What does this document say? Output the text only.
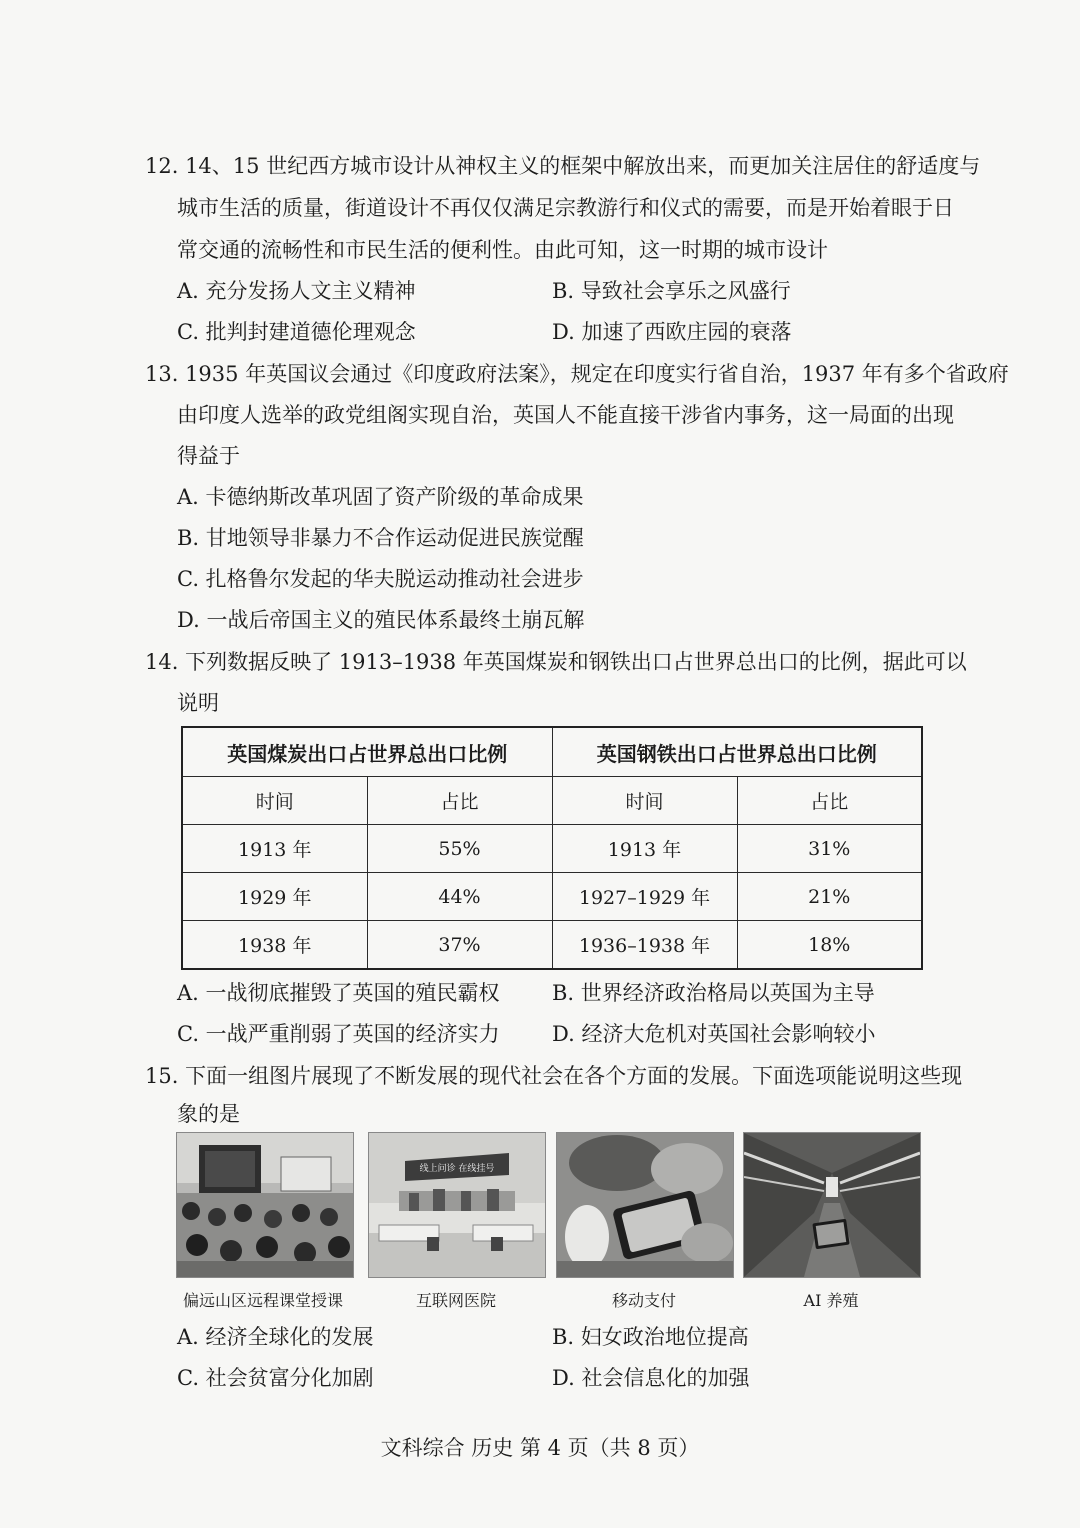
12. 14、15 世纪西方城市设计从神权主义的框架中解放出来，而更加关注居住的舒适度与
城市生活的质量，街道设计不再仅仅满足宗教游行和仪式的需要，而是开始着眼于日
常交通的流畅性和市民生活的便利性。由此可知，这一时期的城市设计
A. 充分发扬人文主义精神	B. 导致社会享乐之风盛行
C. 批判封建道德伦理观念	D. 加速了西欧庄园的衰落
13. 1935 年英国议会通过《印度政府法案》，规定在印度实行省自治，1937 年有多个省政府
由印度人选举的政党组阁实现自治，英国人不能直接干涉省内事务，这一局面的出现
得益于
A. 卡德纳斯改革巩固了资产阶级的革命成果
B. 甘地领导非暴力不合作运动促进民族觉醒
C. 扎格鲁尔发起的华夫脱运动推动社会进步
D. 一战后帝国主义的殖民体系最终土崩瓦解
14. 下列数据反映了 1913–1938 年英国煤炭和钢铁出口占世界总出口的比例，据此可以
说明
英国煤炭出口占世界总出口比例		英国钢铁出口占世界总出口比例	
时间	占比	时间	占比
1913 年	55%	1913 年	31%
1929 年	44%	1927–1929 年	21%
1938 年	37%	1936–1938 年	18%
A. 一战彻底摧毁了英国的殖民霸权 B. 世界经济政治格局以英国为主导
C. 一战严重削弱了英国的经济实力 D. 经济大危机对英国社会影响较小
15. 下面一组图片展现了不断发展的现代社会在各个方面的发展。下面选项能说明这些现
象的是
线上问诊 在线挂号
偏远山区远程课堂授课	互联网医院	移动支付	AI 养殖
A. 经济全球化的发展	B. 妇女政治地位提高
C. 社会贫富分化加剧	D. 社会信息化的加强
文科综合 历史 第 4 页（共 8 页）
